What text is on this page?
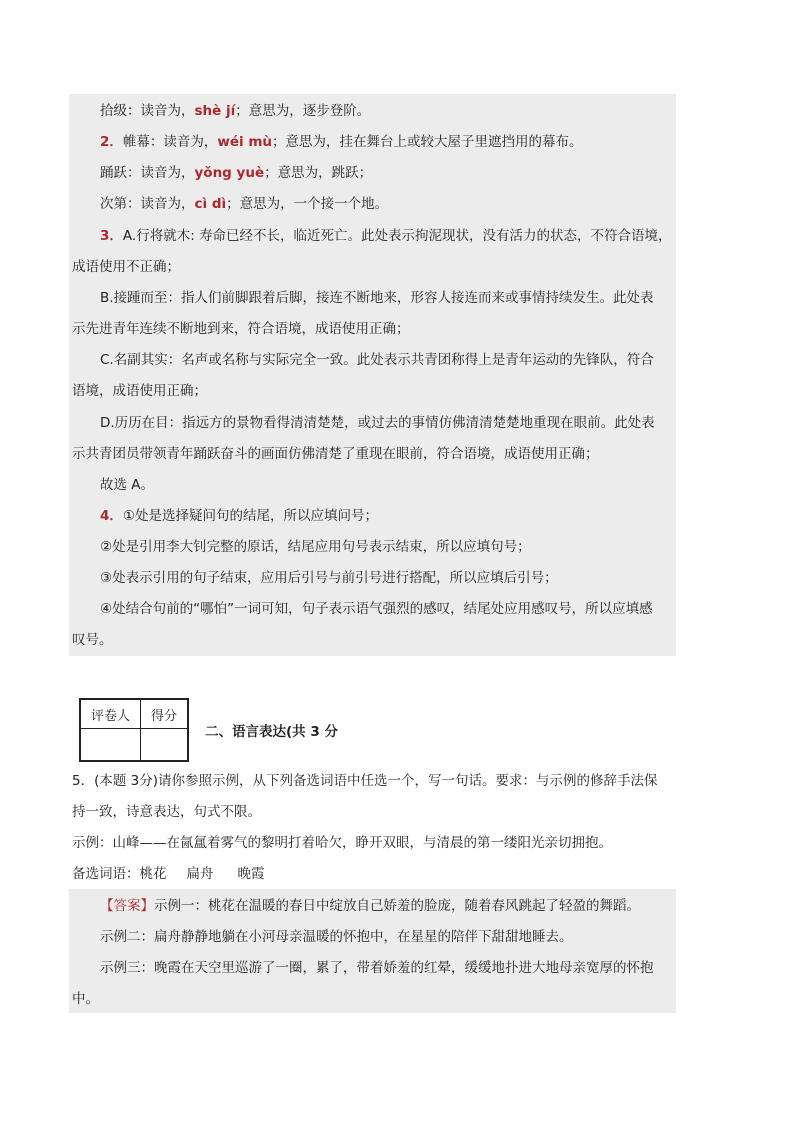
拾级：读音为，shè jí；意思为，逐步登阶。
2．帷幕：读音为，wéi mù；意思为，挂在舞台上或较大屋子里遮挡用的幕布。
踊跃：读音为，yǒng yuè；意思为，跳跃；
次第：读音为，cì dì；意思为，一个接一个地。
3．A.行将就木: 寿命已经不长，临近死亡。此处表示拘泥现状，没有活力的状态，不符合语境，
成语使用不正确；
B.接踵而至：指人们前脚跟着后脚，接连不断地来，形容人接连而来或事情持续发生。此处表
示先进青年连续不断地到来，符合语境，成语使用正确；
C.名副其实：名声或名称与实际完全一致。此处表示共青团称得上是青年运动的先锋队，符合
语境，成语使用正确；
D.历历在目：指远方的景物看得清清楚楚，或过去的事情仿佛清清楚楚地重现在眼前。此处表
示共青团员带领青年踊跃奋斗的画面仿佛清楚了重现在眼前，符合语境，成语使用正确；
故选 A。
4．①处是选择疑问句的结尾，所以应填问号；
②处是引用李大钊完整的原话，结尾应用句号表示结束，所以应填句号；
③处表示引用的句子结束，应用后引号与前引号进行搭配，所以应填后引号；
④处结合句前的“哪怕”一词可知，句子表示语气强烈的感叹，结尾处应用感叹号，所以应填感
叹号。
评卷人	得分
二、语言表达(共 3 分
5．(本题 3分)请你参照示例，从下列备选词语中任选一个，写一句话。要求：与示例的修辞手法保
持一致，诗意表达，句式不限。
示例：山峰——在氤氲着雾气的黎明打着哈欠，睁开双眼，与清晨的第一缕阳光亲切拥抱。
备选词语：桃花 扁舟 晚霞
【答案】示例一：桃花在温暖的春日中绽放自己娇羞的脸庞，随着春风跳起了轻盈的舞蹈。
示例二：扁舟静静地躺在小河母亲温暖的怀抱中，在星星的陪伴下甜甜地睡去。
示例三：晚霞在天空里巡游了一圈，累了，带着娇羞的红晕，缓缓地扑进大地母亲宽厚的怀抱
中。
